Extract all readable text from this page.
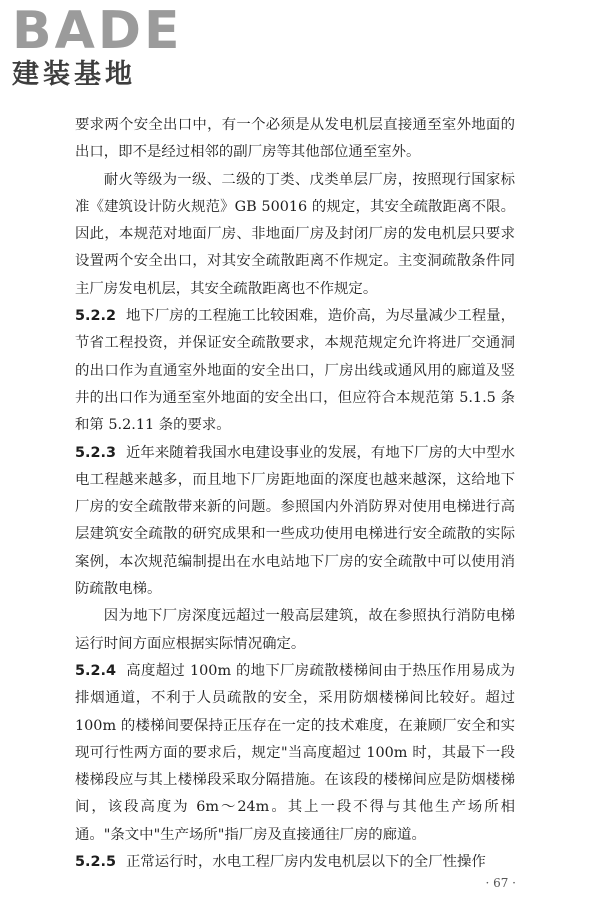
BADE
建装基地

要求两个安全出口中，有一个必须是从发电机层直接通至室外地面的出口，即不是经过相邻的副厂房等其他部位通至室外。

耐火等级为一级、二级的丁类、戊类单层厂房，按照现行国家标准《建筑设计防火规范》GB 50016 的规定，其安全疏散距离不限。因此，本规范对地面厂房、非地面厂房及封闭厂房的发电机层只要求设置两个安全出口，对其安全疏散距离不作规定。主变洞疏散条件同主厂房发电机层，其安全疏散距离也不作规定。

5.2.2 地下厂房的工程施工比较困难，造价高，为尽量减少工程量，节省工程投资，并保证安全疏散要求，本规范规定允许将进厂交通洞的出口作为直通室外地面的安全出口，厂房出线或通风用的廊道及竖井的出口作为通至室外地面的安全出口，但应符合本规范第 5.1.5 条和第 5.2.11 条的要求。

5.2.3 近年来随着我国水电建设事业的发展，有地下厂房的大中型水电工程越来越多，而且地下厂房距地面的深度也越来越深，这给地下厂房的安全疏散带来新的问题。参照国内外消防界对使用电梯进行高层建筑安全疏散的研究成果和一些成功使用电梯进行安全疏散的实际案例，本次规范编制提出在水电站地下厂房的安全疏散中可以使用消防疏散电梯。

因为地下厂房深度远超过一般高层建筑，故在参照执行消防电梯运行时间方面应根据实际情况确定。

5.2.4 高度超过 100m 的地下厂房疏散楼梯间由于热压作用易成为排烟通道，不利于人员疏散的安全，采用防烟楼梯间比较好。超过 100m 的楼梯间要保持正压存在一定的技术难度，在兼顾厂安全和实现可行性两方面的要求后，规定"当高度超过 100m 时，其最下一段楼梯段应与其上楼梯段采取分隔措施。在该段的楼梯间应是防烟楼梯间，该段高度为 6m～24m。其上一段不得与其他生产场所相通。"条文中"生产场所"指厂房及直接通往厂房的廊道。

5.2.5 正常运行时，水电工程厂房内发电机层以下的全厂性操作

· 67 ·
